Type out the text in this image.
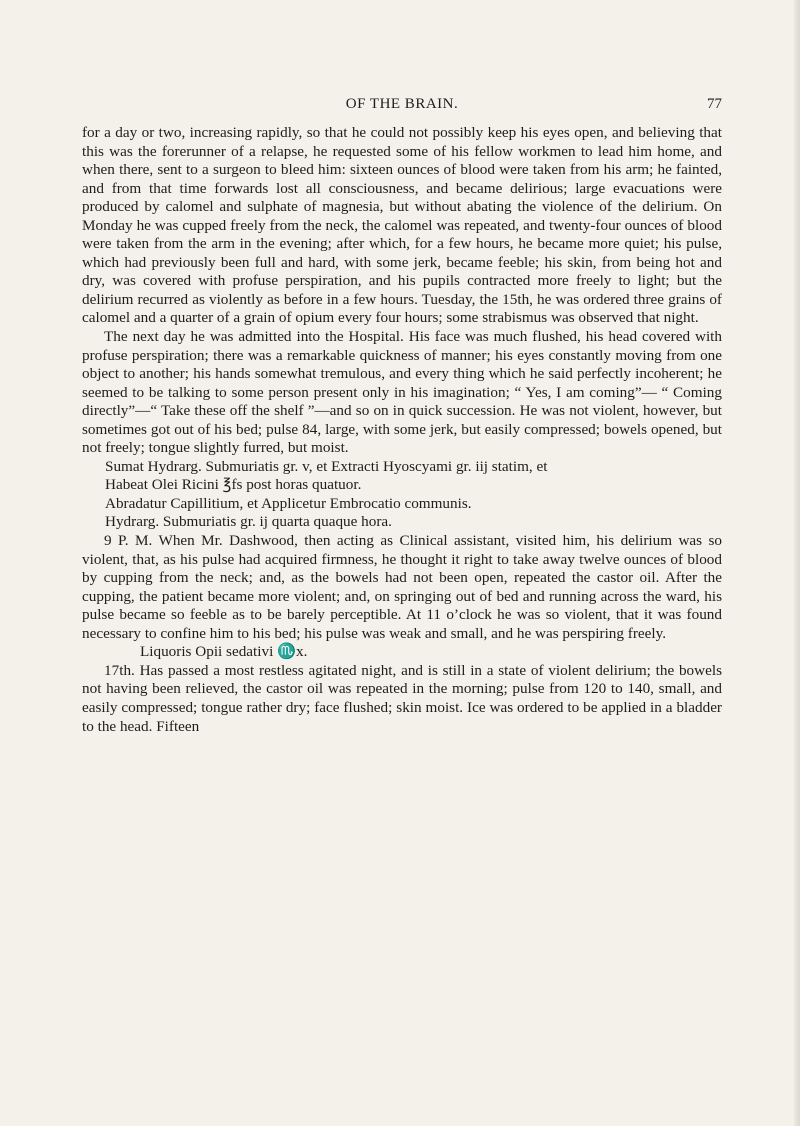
OF THE BRAIN.	77

for a day or two, increasing rapidly, so that he could not possibly keep his eyes open, and believing that this was the forerunner of a relapse, he requested some of his fellow workmen to lead him home, and when there, sent to a surgeon to bleed him: sixteen ounces of blood were taken from his arm; he fainted, and from that time forwards lost all consciousness, and became delirious; large evacuations were produced by calomel and sulphate of magnesia, but without abating the violence of the delirium. On Monday he was cupped freely from the neck, the calomel was repeated, and twenty-four ounces of blood were taken from the arm in the evening; after which, for a few hours, he became more quiet; his pulse, which had previously been full and hard, with some jerk, became feeble; his skin, from being hot and dry, was covered with profuse perspiration, and his pupils contracted more freely to light; but the delirium recurred as violently as before in a few hours. Tuesday, the 15th, he was ordered three grains of calomel and a quarter of a grain of opium every four hours; some strabismus was observed that night.

The next day he was admitted into the Hospital. His face was much flushed, his head covered with profuse perspiration; there was a remarkable quickness of manner; his eyes constantly moving from one object to another; his hands somewhat tremulous, and every thing which he said perfectly incoherent; he seemed to be talking to some person present only in his imagination; “ Yes, I am coming”— “ Coming directly”—“ Take these off the shelf ”—and so on in quick succession. He was not violent, however, but sometimes got out of his bed; pulse 84, large, with some jerk, but easily compressed; bowels opened, but not freely; tongue slightly furred, but moist.

Sumat Hydrarg. Submuriatis gr. v, et Extracti Hyoscyami gr. iij statim, et

Habeat Olei Ricini ℥fs post horas quatuor.

Abradatur Capillitium, et Applicetur Embrocatio communis.

Hydrarg. Submuriatis gr. ij quarta quaque hora.

9 P. M. When Mr. Dashwood, then acting as Clinical assistant, visited him, his delirium was so violent, that, as his pulse had acquired firmness, he thought it right to take away twelve ounces of blood by cupping from the neck; and, as the bowels had not been open, repeated the castor oil. After the cupping, the patient became more violent; and, on springing out of bed and running across the ward, his pulse became so feeble as to be barely perceptible. At 11 o’clock he was so violent, that it was found necessary to confine him to his bed; his pulse was weak and small, and he was perspiring freely.

Liquoris Opii sedativi ♏x.

17th. Has passed a most restless agitated night, and is still in a state of violent delirium; the bowels not having been relieved, the castor oil was repeated in the morning; pulse from 120 to 140, small, and easily compressed; tongue rather dry; face flushed; skin moist. Ice was ordered to be applied in a bladder to the head. Fifteen
